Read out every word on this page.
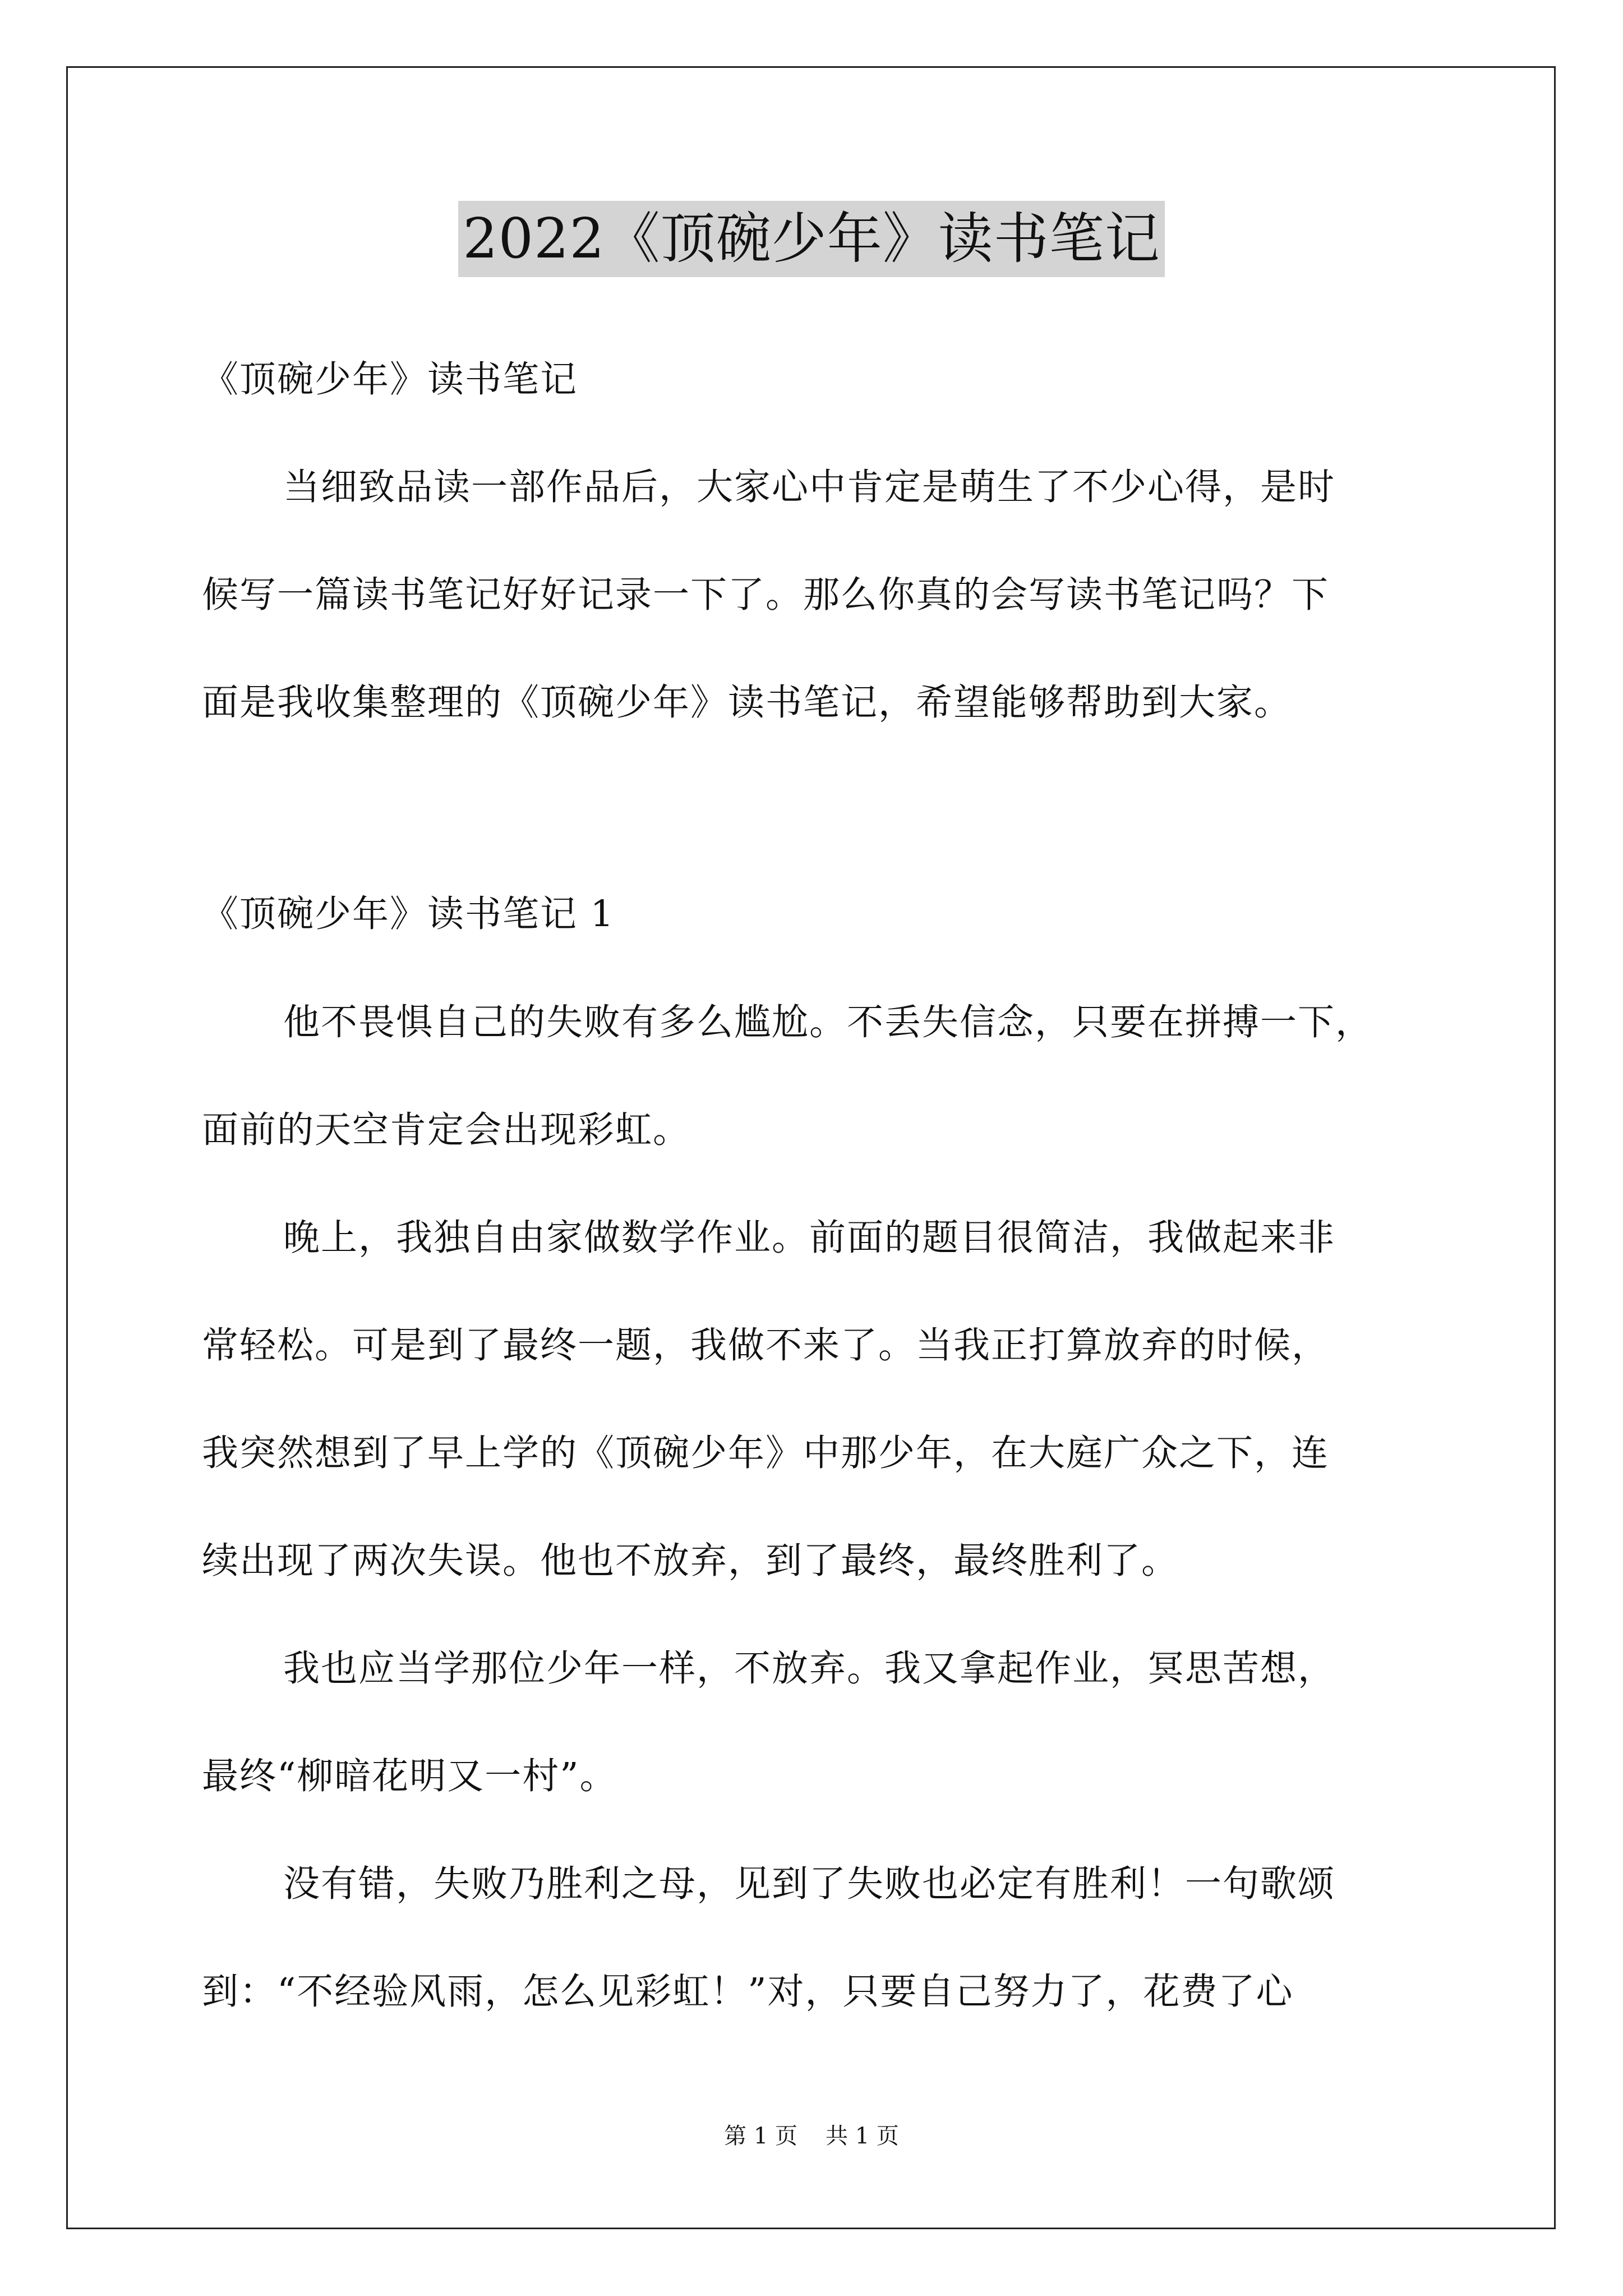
2022《顶碗少年》读书笔记
《顶碗少年》读书笔记
当细致品读一部作品后，大家心中肯定是萌生了不少心得，是时
候写一篇读书笔记好好记录一下了。那么你真的会写读书笔记吗？下
面是我收集整理的《顶碗少年》读书笔记，希望能够帮助到大家。
《顶碗少年》读书笔记 1
他不畏惧自己的失败有多么尴尬。不丢失信念，只要在拼搏一下，
面前的天空肯定会出现彩虹。
晚上，我独自由家做数学作业。前面的题目很简洁，我做起来非
常轻松。可是到了最终一题，我做不来了。当我正打算放弃的时候，
我突然想到了早上学的《顶碗少年》中那少年，在大庭广众之下，连
续出现了两次失误。他也不放弃，到了最终，最终胜利了。
我也应当学那位少年一样，不放弃。我又拿起作业，冥思苦想，
最终“柳暗花明又一村”。
没有错，失败乃胜利之母，见到了失败也必定有胜利！一句歌颂
到：“不经验风雨，怎么见彩虹！”对，只要自己努力了，花费了心
第 1 页 共 1 页
